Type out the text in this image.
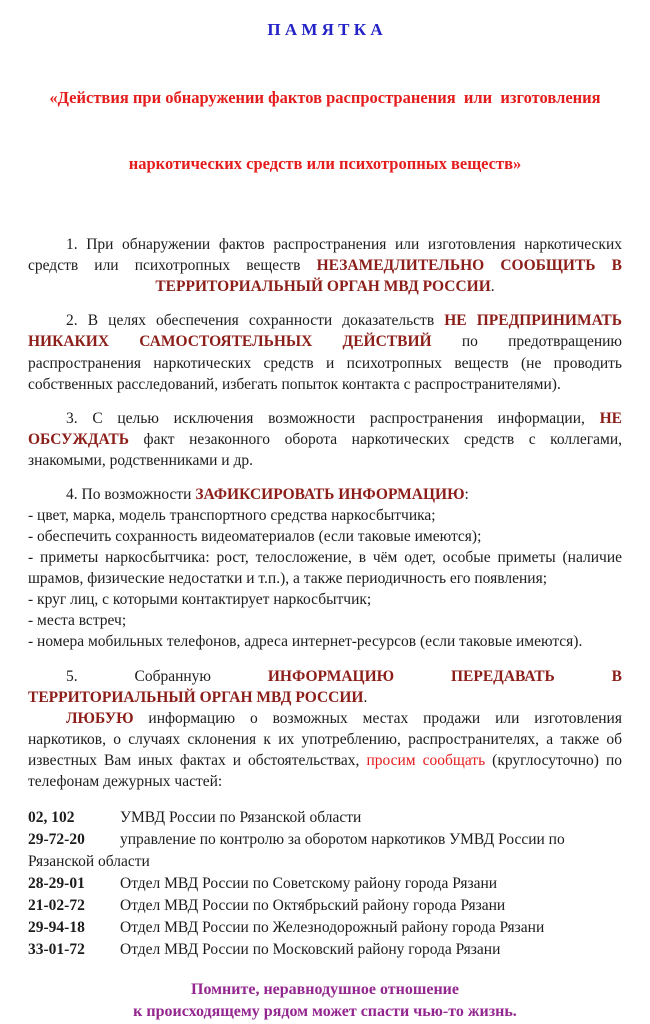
П А М Я Т К А

«Действия при обнаружении фактов распространения  или  изготовления

наркотических средств или психотропных веществ»

1. При обнаружении фактов распространения или изготовления наркотических средств или психотропных веществ НЕЗАМЕДЛИТЕЛЬНО СООБЩИТЬ В ТЕРРИТОРИАЛЬНЫЙ ОРГАН МВД РОССИИ.

2. В целях обеспечения сохранности доказательств НЕ ПРЕДПРИНИМАТЬ НИКАКИХ САМОСТОЯТЕЛЬНЫХ ДЕЙСТВИЙ по предотвращению распространения наркотических средств и психотропных веществ (не проводить собственных расследований, избегать попыток контакта с распространителями).

3. С целью исключения возможности распространения информации, НЕ ОБСУЖДАТЬ факт незаконного оборота наркотических средств с коллегами, знакомыми, родственниками и др.

4. По возможности ЗАФИКСИРОВАТЬ ИНФОРМАЦИЮ:

- цвет, марка, модель транспортного средства наркосбытчика;

- обеспечить сохранность видеоматериалов (если таковые имеются);

- приметы наркосбытчика: рост, телосложение, в чём одет, особые приметы (наличие шрамов, физические недостатки и т.п.), а также периодичность его появления;

- круг лиц, с которыми контактирует наркосбытчик;

- места встреч;

- номера мобильных телефонов, адреса интернет-ресурсов (если таковые имеются).

5. Собранную ИНФОРМАЦИЮ ПЕРЕДАВАТЬ В
ТЕРРИТОРИАЛЬНЫЙ ОРГАН МВД РОССИИ.

ЛЮБУЮ информацию о возможных местах продажи или изготовления наркотиков, о случаях склонения к их употреблению, распространителях, а также об известных Вам иных фактах и обстоятельствах, просим сообщать (круглосуточно) по телефонам дежурных частей:

02, 102	УМВД России по Рязанской области

29-72-20 управление по контролю за оборотом наркотиков УМВД России по Рязанской области

28-29-01 Отдел МВД России по Советскому району города Рязани

21-02-72 Отдел МВД России по Октябрьский району города Рязани

29-94-18 Отдел МВД России по Железнодорожный району города Рязани

33-01-72 Отдел МВД России по Московский району города Рязани

Помните, неравнодушное отношение
к происходящему рядом может спасти чью-то жизнь.
